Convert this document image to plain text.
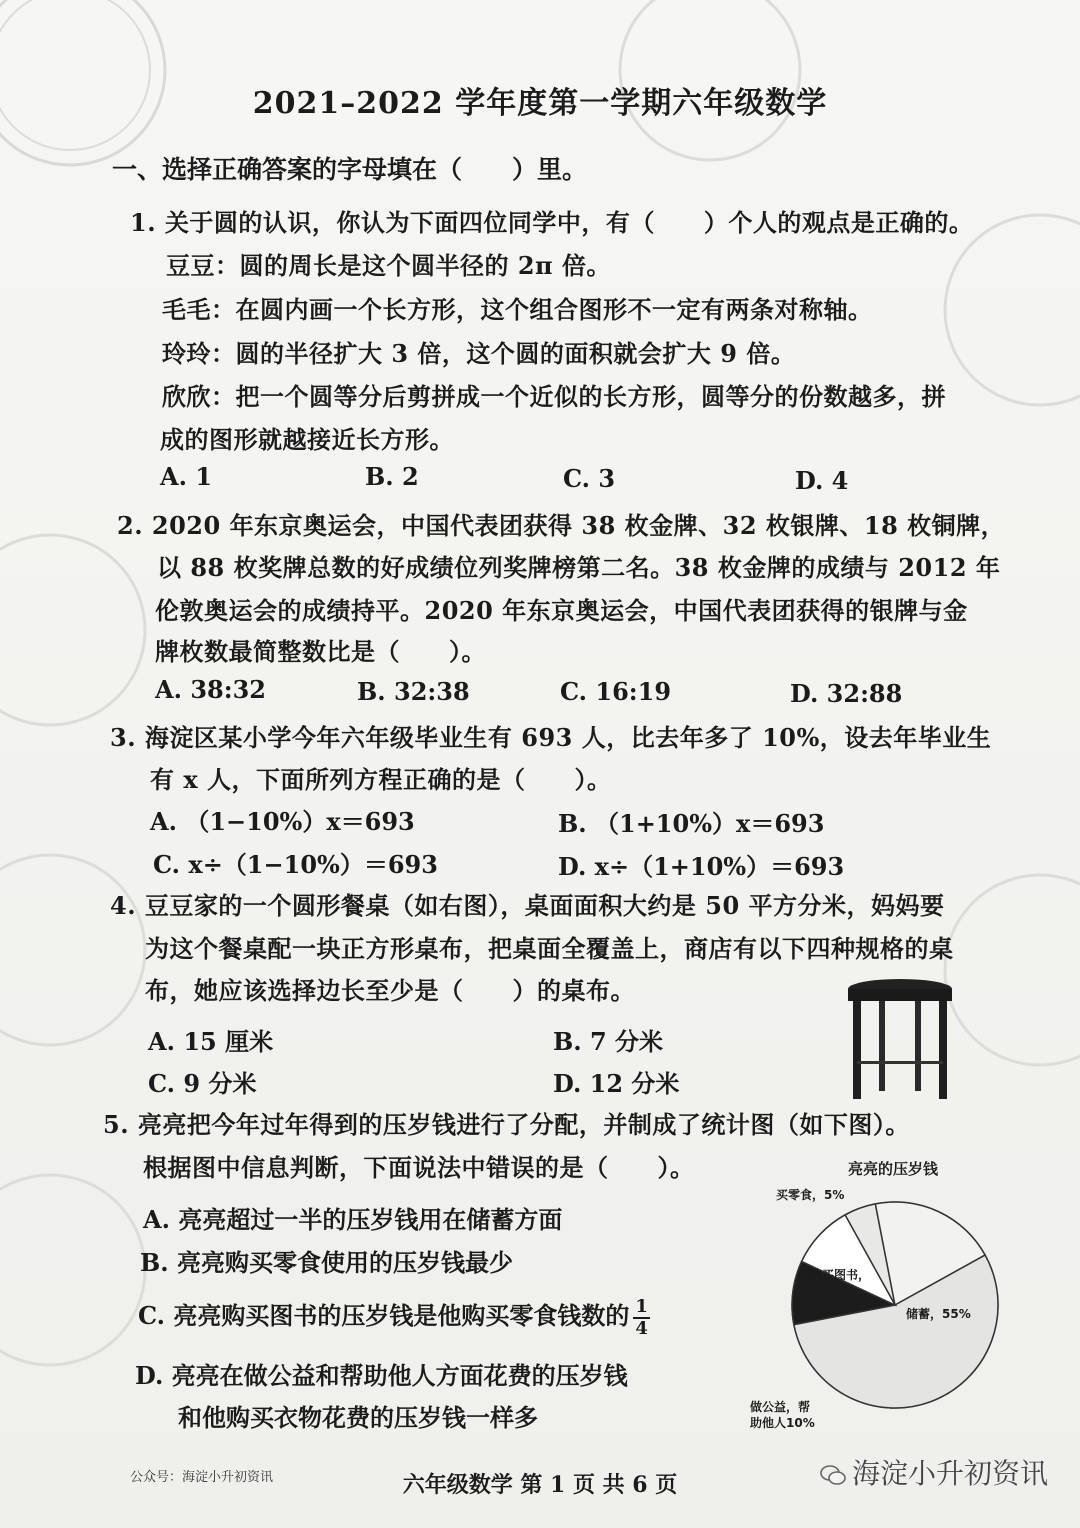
2021–2022 学年度第一学期六年级数学
一、选择正确答案的字母填在（　　）里。
1. 关于圆的认识，你认为下面四位同学中，有（　　）个人的观点是正确的。
豆豆：圆的周长是这个圆半径的 2π 倍。
毛毛：在圆内画一个长方形，这个组合图形不一定有两条对称轴。
玲玲：圆的半径扩大 3 倍，这个圆的面积就会扩大 9 倍。
欣欣：把一个圆等分后剪拼成一个近似的长方形，圆等分的份数越多，拼
成的图形就越接近长方形。
A. 1	B. 2	C. 3	D. 4
2. 2020 年东京奥运会，中国代表团获得 38 枚金牌、32 枚银牌、18 枚铜牌，
以 88 枚奖牌总数的好成绩位列奖牌榜第二名。38 枚金牌的成绩与 2012 年
伦敦奥运会的成绩持平。2020 年东京奥运会，中国代表团获得的银牌与金
牌枚数最简整数比是（　　）。
A. 38:32	B. 32:38	C. 16:19	D. 32:88
3. 海淀区某小学今年六年级毕业生有 693 人，比去年多了 10%，设去年毕业生
有 x 人，下面所列方程正确的是（　　）。
A. （1−10%）x＝693	B. （1+10%）x＝693
C. x÷（1−10%）＝693	D. x÷（1+10%）＝693
4. 豆豆家的一个圆形餐桌（如右图），桌面面积大约是 50 平方分米，妈妈要
为这个餐桌配一块正方形桌布，把桌面全覆盖上，商店有以下四种规格的桌
布，她应该选择边长至少是（　　）的桌布。
A. 15 厘米	B. 7 分米
C. 9 分米	D. 12 分米
5. 亮亮把今年过年得到的压岁钱进行了分配，并制成了统计图（如下图）。
根据图中信息判断，下面说法中错误的是（　　）。
A. 亮亮超过一半的压岁钱用在储蓄方面
B. 亮亮购买零食使用的压岁钱最少
C. 亮亮购买图书的压岁钱是他购买零食钱数的 $\frac{1}{4}$
D. 亮亮在做公益和帮助他人方面花费的压岁钱
和他购买衣物花费的压岁钱一样多
亮亮的压岁钱
买零食，5%
购买图书，
20%
储蓄，55%
做公益，帮
助他人10%
公众号：海淀小升初资讯	六年级数学 第 1 页 共 6 页	海淀小升初资讯
